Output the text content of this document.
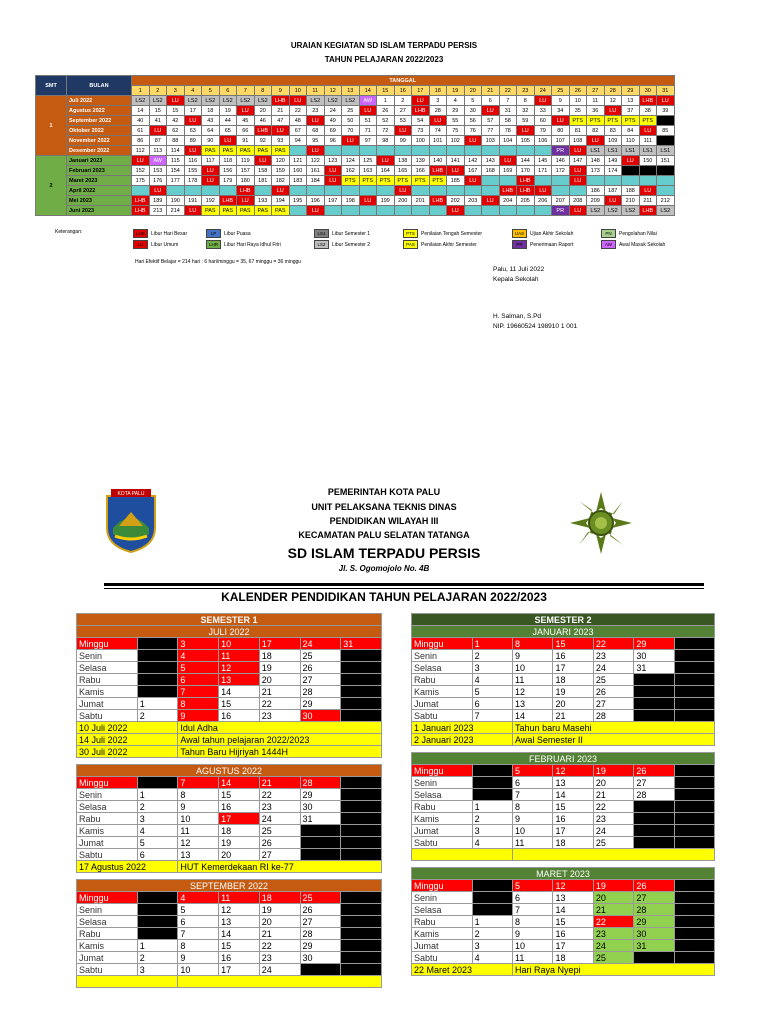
URAIAN KEGIATAN SD ISLAM TERPADU PERSIS
TAHUN PELAJARAN 2022/2023
SMT	BULAN	TANGGAL																														
		1	2	3	4	5	6	7	8	9	10	11	12	13	14	15	16	17	18	19	20	21	22	23	24	25	26	27	28	29	30	31
1	Juli 2022	LS2	LS2	LU	LS2	LS2	LS2	LS2	LS2	LHB	LU	LS2	LS2	LS2	AW	1	2	LU	3	4	5	6	7	8	LU	9	10	11	12	13	LHB	LU
	Agustus 2022	14	15	15	17	18	19	LU	20	21	22	23	24	25	LU	26	27	LHB	28	29	30	LU	31	32	33	34	35	36	LU	37	38	39
	September 2022	40	41	42	LU	43	44	45	46	47	48	LU	49	50	51	52	53	54	LU	55	56	57	58	59	60	LU	PTS	PTS	PTS	PTS	PTS	
	Oktober 2022	61	LU	62	63	64	65	66	LHB	LU	67	68	69	70	71	72	LU	73	74	75	76	77	78	LU	79	80	81	82	83	84	LU	85
	November 2022	86	87	88	89	90	LU	91	92	93	94	95	96	LU	97	98	99	100	101	102	LU	103	104	105	106	107	108	LU	109	110	111	
	Desember 2022	112	113	114	LU	PAS	PAS	PAS	PAS	PAS		LU														PR	LU	LS1	LS1	LS1	LS1	LS1
2	Januari 2023	LU	AW	115	116	117	118	119	LU	120	121	122	123	124	125	LU	138	139	140	141	142	143	LU	144	145	146	147	148	149	LU	150	151
	Februari 2023	152	153	154	155	LU	156	157	158	159	160	161	LU	162	163	164	165	166	LHB	LU	167	168	169	170	171	172	LU	173	174			
	Maret 2023	175	176	177	178	LU	179	180	181	182	183	184	LU	PTS	PTS	PTS	PTS	PTS	PTS	185	LU			LHB			LU					
	April 2022		LU					LHB		LU							LU						LHB	LHB	LU			186	187	188	LU	
	Mei 2023	LHB	189	190	191	192	LHB	LU	193	194	195	196	197	198	LU	199	200	201	LHB	202	203	LU	204	205	206	207	208	209	LU	210	211	212
	Juni 2023	LHB	213	214	LU	PAS	PAS	PAS	PAS	PAS		LU								LU						PR	LU	LS2	LS2	LS2	LHB	LS2
Keterangan:	LHB Libur Hari Besar
LU Libur Umum
LP Libur Puasa
LHR Libur Hari Raya Idhul Fitri
LS1 Libur Semester 1
LS2 Libur Semester 2
PTS Penilaian Tengah Semester
PAS Penilaian Akhir Semester
UAS Ujian Akhir Sekolah
PR Penerimaan Raport
PN Pengolahan Nilai
AW Awal Masuk Sekolah
Hari Efektif Belajar = 214 hari : 6 hari/minggu = 35, 67 minggu = 36 minggu
Palu, 11 Juli 2022
Kepala Sekolah
H. Salman, S.Pd
NIP. 19660524 198910 1 001
KOTA PALU	PEMERINTAH KOTA PALU
UNIT PELAKSANA TEKNIS DINAS
PENDIDIKAN WILAYAH III
KECAMATAN PALU SELATAN TATANGA
SD ISLAM TERPADU PERSIS
Jl. S. Ogomojolo No. 4B
KALENDER PENDIDIKAN TAHUN PELAJARAN 2022/2023
SEMESTER 1						
JULI 2022						
Minggu		3	10	17	24	31
Senin		4	11	18	25	
Selasa		5	12	19	26	
Rabu		6	13	20	27	
Kamis		7	14	21	28	
Jumat	1	8	15	22	29	
Sabtu	2	9	16	23	30	
10 Juli 2022		Idul Adha				
14 Juli 2022		Awal tahun pelajaran 2022/2023				
30 Juli 2022		Tahun Baru Hijriyah 1444H				

AGUSTUS 2022						
Minggu		7	14	21	28	
Senin	1	8	15	22	29	
Selasa	2	9	16	23	30	
Rabu	3	10	17	24	31	
Kamis	4	11	18	25		
Jumat	5	12	19	26		
Sabtu	6	13	20	27		
17 Agustus 2022		HUT Kemerdekaan RI ke-77				

SEPTEMBER 2022						
Minggu		4	11	18	25	
Senin		5	12	19	26	
Selasa		6	13	20	27	
Rabu		7	14	21	28	
Kamis	1	8	15	22	29	
Jumat	2	9	16	23	30	
Sabtu	3	10	17	24		

SEMESTER 2						
JANUARI 2023						
Minggu	1	8	15	22	29	
Senin	2	9	16	23	30	
Selasa	3	10	17	24	31	
Rabu	4	11	18	25		
Kamis	5	12	19	26		
Jumat	6	13	20	27		
Sabtu	7	14	21	28		
1 Januari 2023		Tahun baru Masehi				
2 Januari 2023		Awal Semester II				

FEBRUARI 2023						
Minggu		5	12	19	26	
Senin		6	13	20	27	
Selasa		7	14	21	28	
Rabu	1	8	15	22		
Kamis	2	9	16	23		
Jumat	3	10	17	24		
Sabtu	4	11	18	25		

MARET 2023						
Minggu		5	12	19	26	
Senin		6	13	20	27	
Selasa		7	14	21	28	
Rabu	1	8	15	22	29	
Kamis	2	9	16	23	30	
Jumat	3	10	17	24	31	
Sabtu	4	11	18	25		
22 Maret 2023		Hari Raya Nyepi				
